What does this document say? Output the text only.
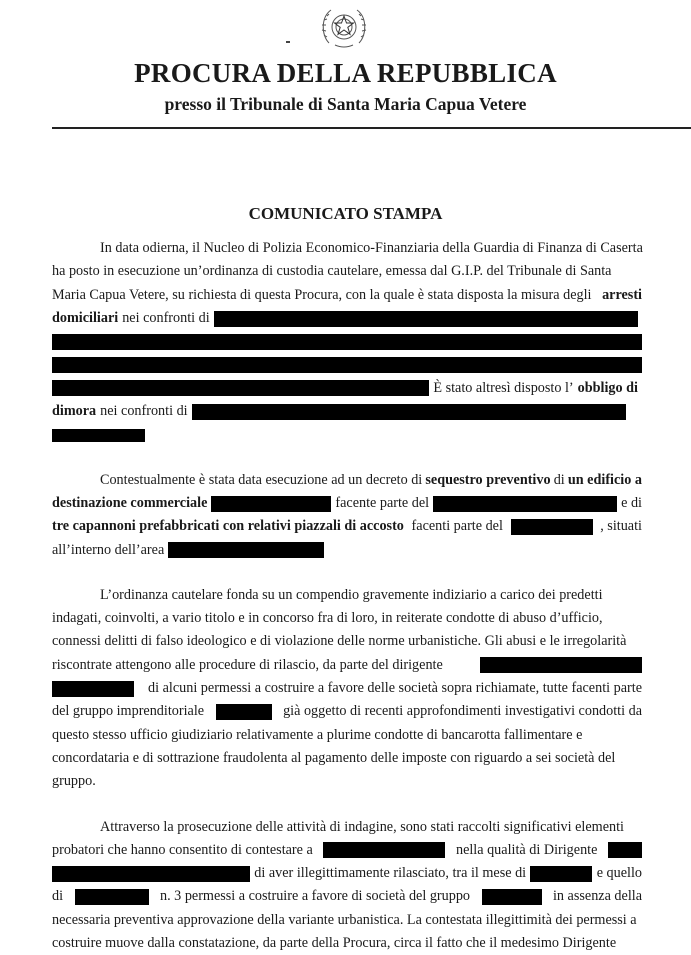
PROCURA DELLA REPUBBLICA
presso il Tribunale di Santa Maria Capua Vetere
COMUNICATO STAMPA
In data odierna, il Nucleo di Polizia Economico-Finanziaria della Guardia di Finanza di Caserta
ha posto in esecuzione un’ordinanza di custodia cautelare, emessa dal G.I.P. del Tribunale di Santa
Maria Capua Vetere, su richiesta di questa Procura, con la quale è stata disposta la misura degli arresti
domiciliari nei confronti di
È stato altresì disposto l’ obbligo di
dimora nei confronti di
Contestualmente è stata data esecuzione ad un decreto di sequestro preventivo di un edificio a
destinazione commerciale	facente parte del	e di
tre capannoni prefabbricati con relativi piazzali di accosto facenti parte del	, situati
all’interno dell’area
L’ordinanza cautelare fonda su un compendio gravemente indiziario a carico dei predetti
indagati, coinvolti, a vario titolo e in concorso fra di loro, in reiterate condotte di abuso d’ufficio,
connessi delitti di falso ideologico e di violazione delle norme urbanistiche. Gli abusi e le irregolarità
riscontrate attengono alle procedure di rilascio, da parte del dirigente
di alcuni permessi a costruire a favore delle società sopra richiamate, tutte facenti parte
del gruppo imprenditoriale	già oggetto di recenti approfondimenti investigativi condotti da
questo stesso ufficio giudiziario relativamente a plurime condotte di bancarotta fallimentare e
concordataria e di sottrazione fraudolenta al pagamento delle imposte con riguardo a sei società del
gruppo.
Attraverso la prosecuzione delle attività di indagine, sono stati raccolti significativi elementi
probatori che hanno consentito di contestare a	nella qualità di Dirigente
di aver illegittimamente rilasciato, tra il mese di	e quello
di	n. 3 permessi a costruire a favore di società del gruppo	in assenza della
necessaria preventiva approvazione della variante urbanistica. La contestata illegittimità dei permessi a
costruire muove dalla constatazione, da parte della Procura, circa il fatto che il medesimo Dirigente
